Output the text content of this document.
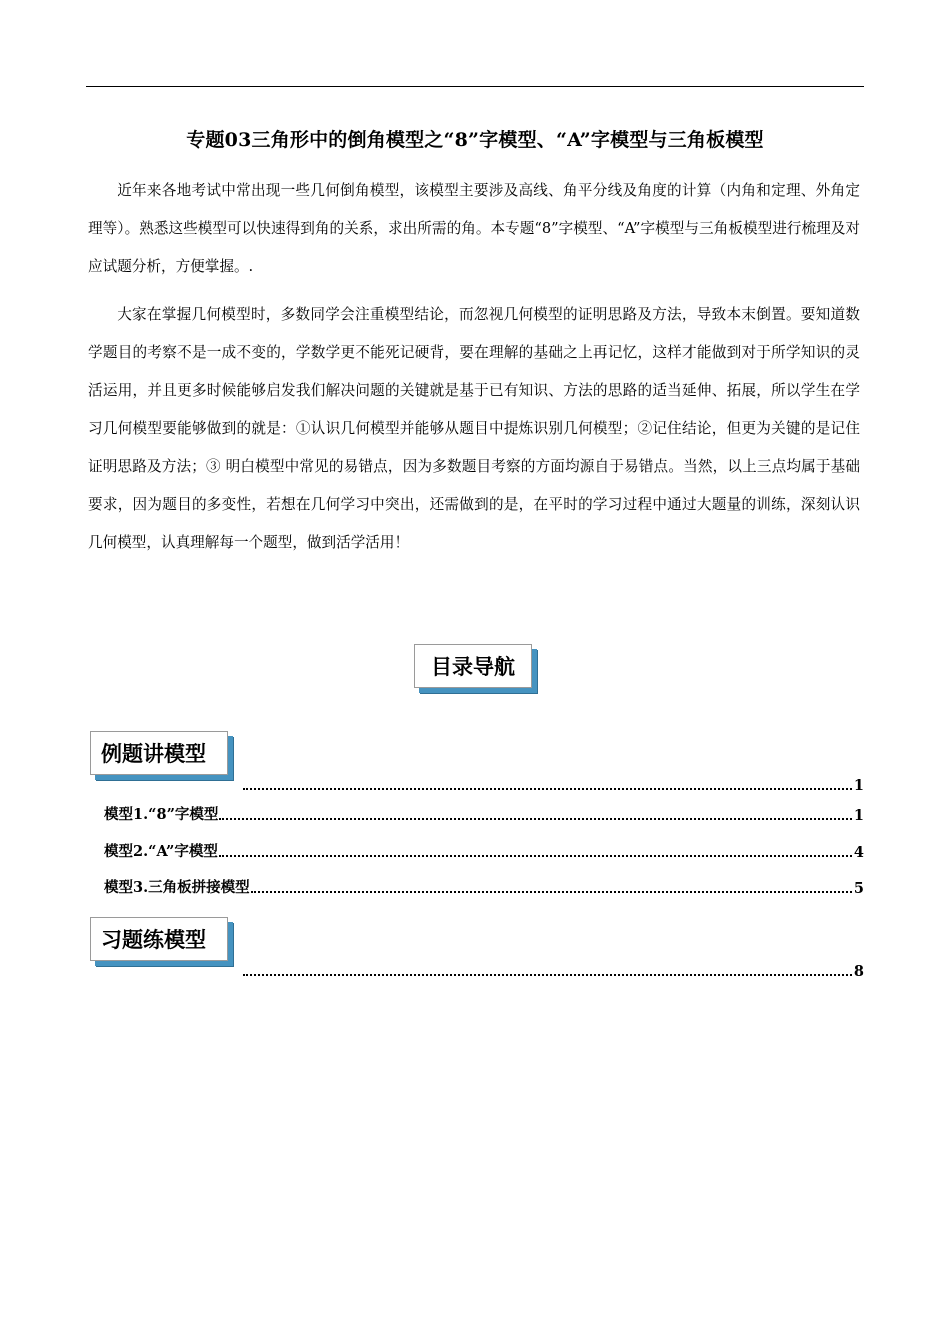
专题03三角形中的倒角模型之“8”字模型、“A”字模型与三角板模型

近年来各地考试中常出现一些几何倒角模型，该模型主要涉及高线、角平分线及角度的计算（内角和定理、外角定理等）。熟悉这些模型可以快速得到角的关系，求出所需的角。本专题“8”字模型、“A”字模型与三角板模型进行梳理及对应试题分析，方便掌握。.

大家在掌握几何模型时，多数同学会注重模型结论，而忽视几何模型的证明思路及方法，导致本末倒置。要知道数学题目的考察不是一成不变的，学数学更不能死记硬背，要在理解的基础之上再记忆，这样才能做到对于所学知识的灵活运用，并且更多时候能够启发我们解决问题的关键就是基于已有知识、方法的思路的适当延伸、拓展，所以学生在学习几何模型要能够做到的就是：①认识几何模型并能够从题目中提炼识别几何模型；②记住结论，但更为关键的是记住证明思路及方法；③ 明白模型中常见的易错点，因为多数题目考察的方面均源自于易错点。当然，以上三点均属于基础要求，因为题目的多变性，若想在几何学习中突出，还需做到的是，在平时的学习过程中通过大题量的训练，深刻认识几何模型，认真理解每一个题型，做到活学活用！

目录导航
例题讲模型
1
模型1.“8”字模型	1
模型2.“A”字模型	4
模型3.三角板拼接模型	5
习题练模型
8
